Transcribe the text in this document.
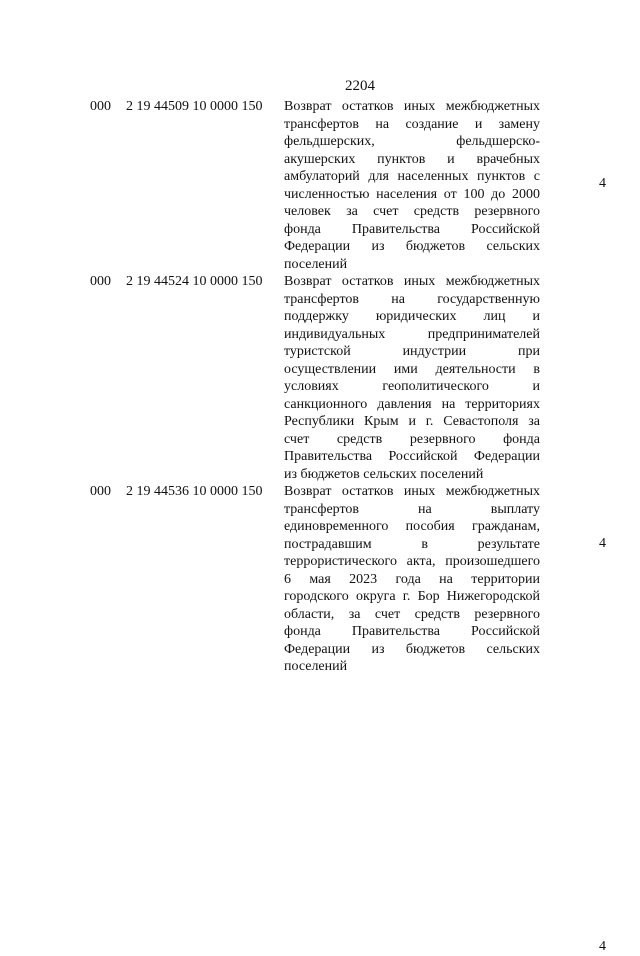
2204
000 2 19 44509 10 0000 150 Возврат остатков иных межбюджетных
трансфертов на создание и замену
фельдшерских, фельдшерско-
акушерских пунктов и врачебных
амбулаторий для населенных пунктов с
численностью населения от 100 до 2000
человек за счет средств резервного
фонда Правительства Российской
Федерации из бюджетов сельских
поселений
4
000 2 19 44524 10 0000 150 Возврат остатков иных межбюджетных
трансфертов на государственную
поддержку юридических лиц и
индивидуальных предпринимателей
туристской индустрии при
осуществлении ими деятельности в
условиях геополитического и
санкционного давления на территориях
Республики Крым и г. Севастополя за
счет средств резервного фонда
Правительства Российской Федерации
из бюджетов сельских поселений
4
000 2 19 44536 10 0000 150 Возврат остатков иных межбюджетных
трансфертов на выплату
единовременного пособия гражданам,
пострадавшим в результате
террористического акта, произошедшего
6 мая 2023 года на территории
городского округа г. Бор Нижегородской
области, за счет средств резервного
фонда Правительства Российской
Федерации из бюджетов сельских
поселений
4
